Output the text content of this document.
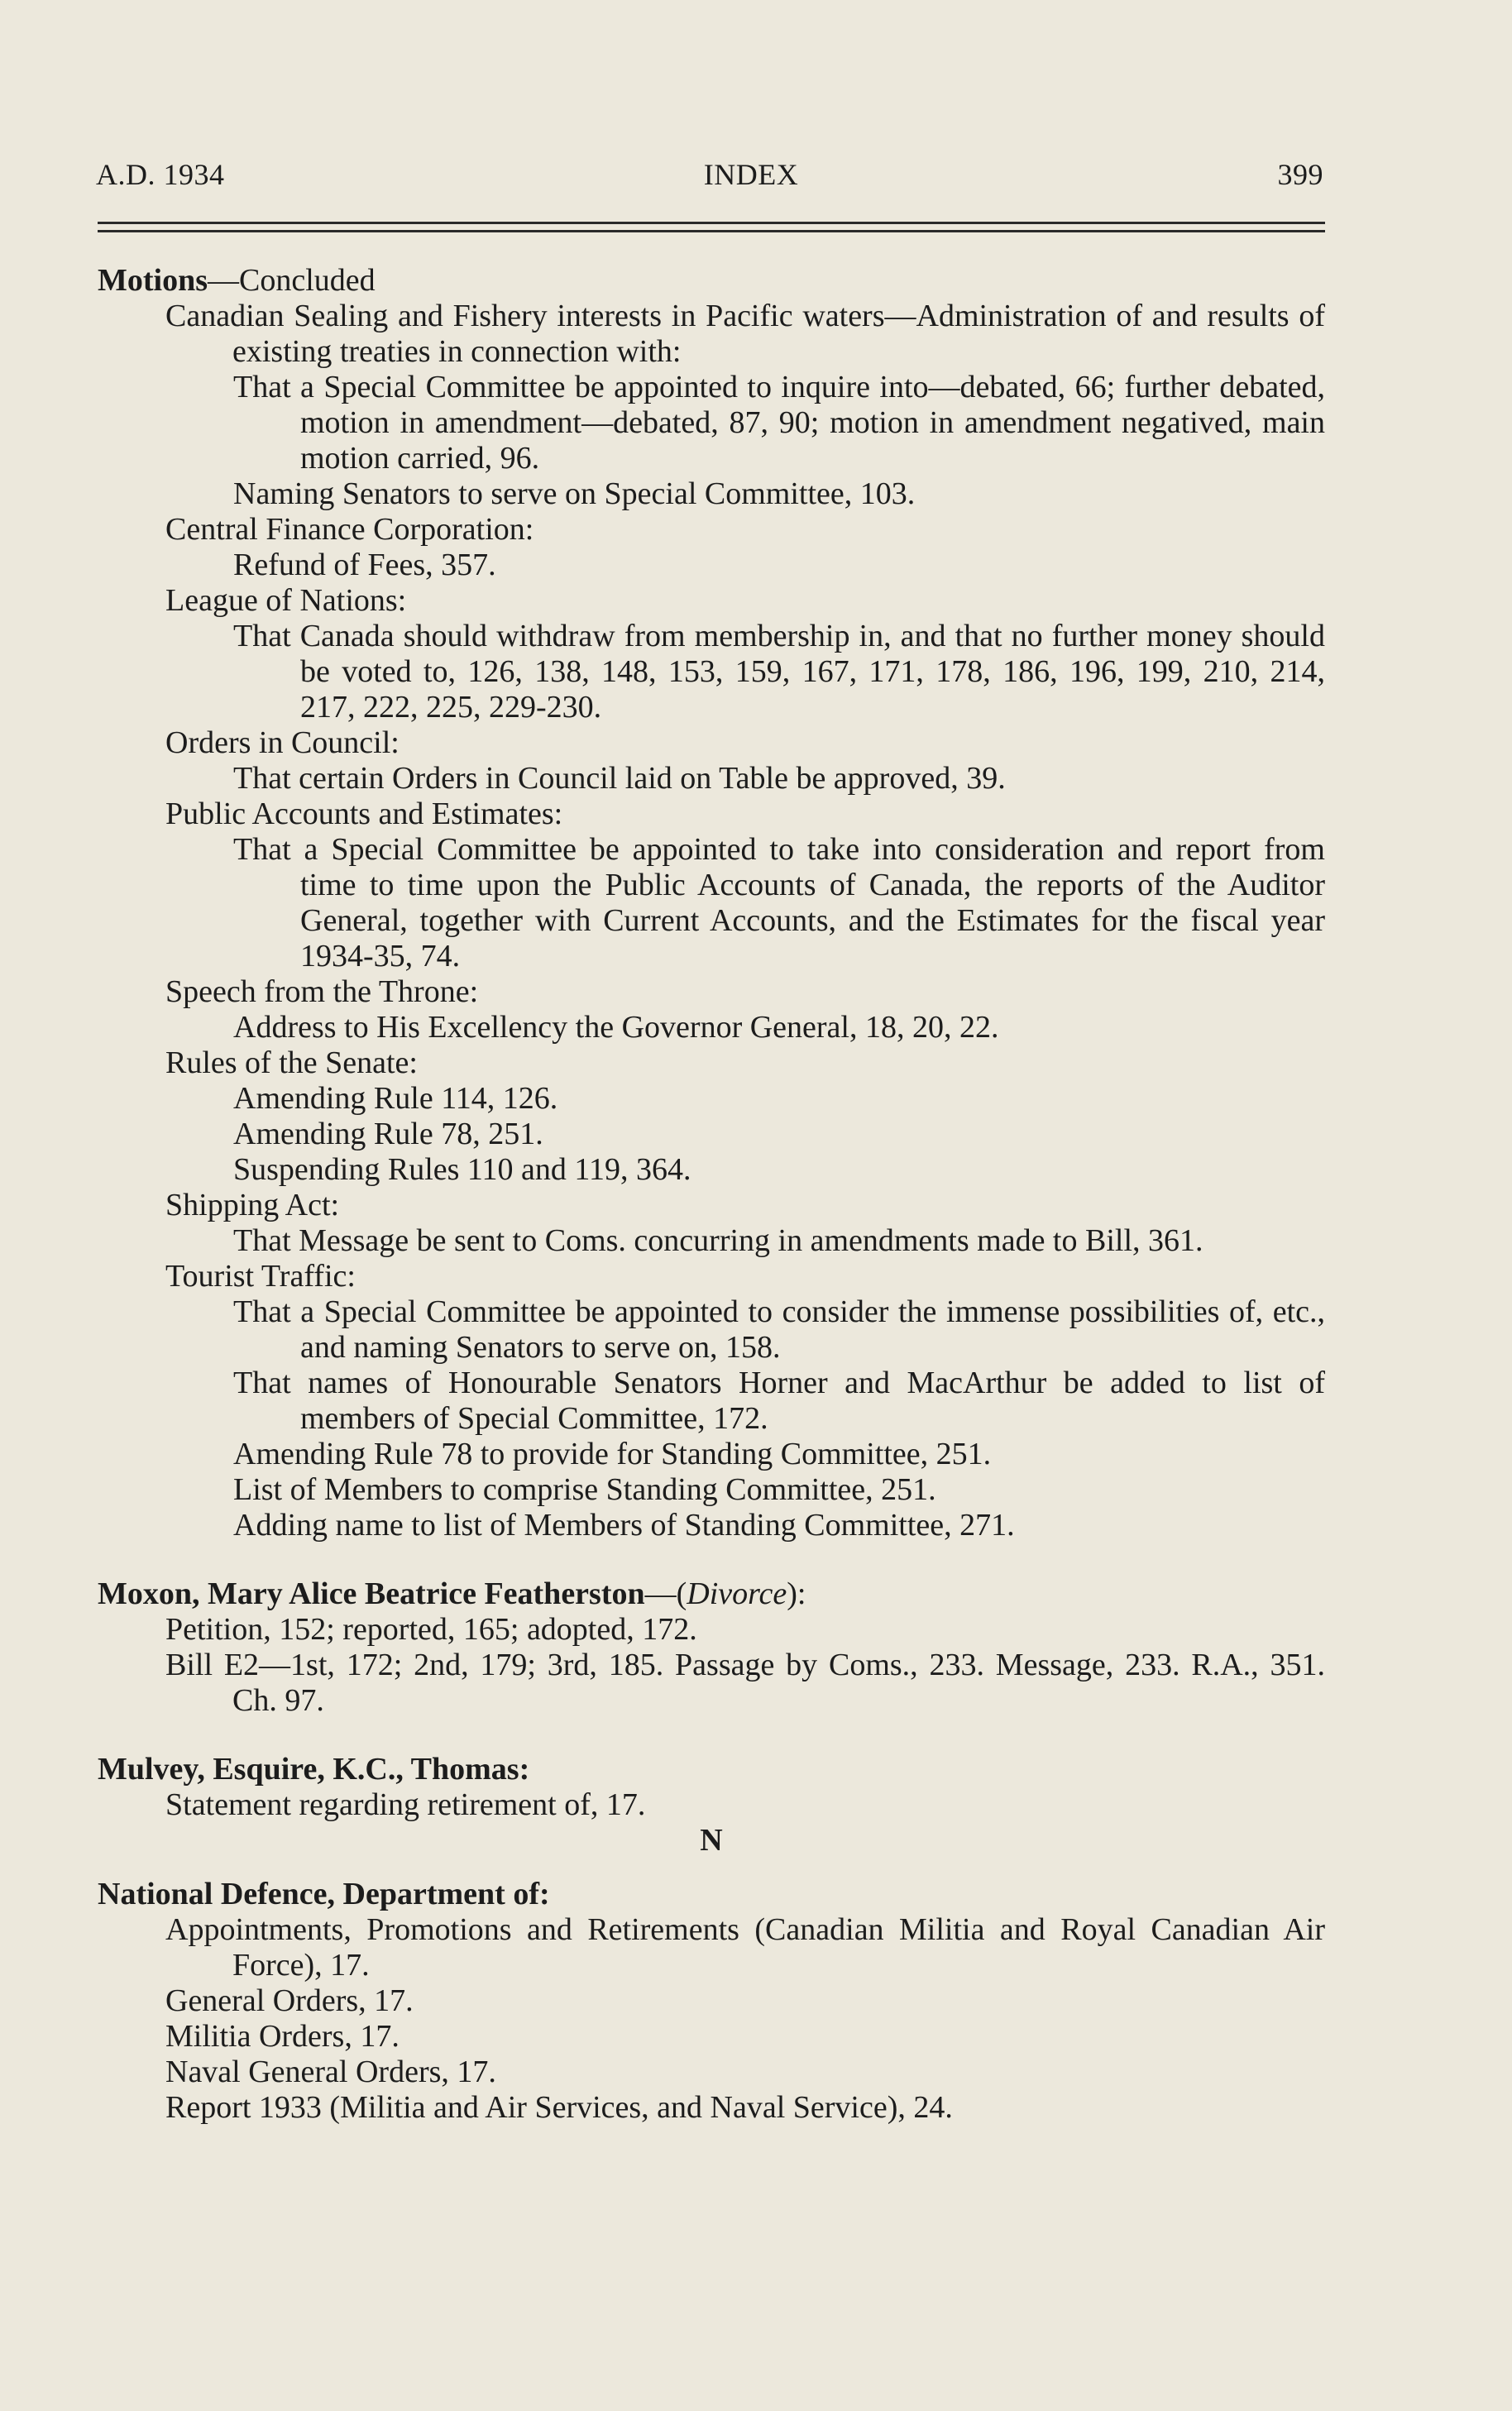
A.D. 1934	INDEX	399

Motions—Concluded

Canadian Sealing and Fishery interests in Pacific waters—Administration of and results of existing treaties in connection with:

That a Special Committee be appointed to inquire into—debated, 66; further debated, motion in amendment—debated, 87, 90; motion in amendment negatived, main motion carried, 96.

Naming Senators to serve on Special Committee, 103.

Central Finance Corporation:

Refund of Fees, 357.

League of Nations:

That Canada should withdraw from membership in, and that no further money should be voted to, 126, 138, 148, 153, 159, 167, 171, 178, 186, 196, 199, 210, 214, 217, 222, 225, 229-230.

Orders in Council:

That certain Orders in Council laid on Table be approved, 39.

Public Accounts and Estimates:

That a Special Committee be appointed to take into consideration and report from time to time upon the Public Accounts of Canada, the reports of the Auditor General, together with Current Accounts, and the Estimates for the fiscal year 1934-35, 74.

Speech from the Throne:

Address to His Excellency the Governor General, 18, 20, 22.

Rules of the Senate:

Amending Rule 114, 126.

Amending Rule 78, 251.

Suspending Rules 110 and 119, 364.

Shipping Act:

That Message be sent to Coms. concurring in amendments made to Bill, 361.

Tourist Traffic:

That a Special Committee be appointed to consider the immense possibilities of, etc., and naming Senators to serve on, 158.

That names of Honourable Senators Horner and MacArthur be added to list of members of Special Committee, 172.

Amending Rule 78 to provide for Standing Committee, 251.

List of Members to comprise Standing Committee, 251.

Adding name to list of Members of Standing Committee, 271.

Moxon, Mary Alice Beatrice Featherston—(Divorce):

Petition, 152; reported, 165; adopted, 172.

Bill E2—1st, 172; 2nd, 179; 3rd, 185. Passage by Coms., 233. Message, 233. R.A., 351. Ch. 97.

Mulvey, Esquire, K.C., Thomas:

Statement regarding retirement of, 17.

N

National Defence, Department of:

Appointments, Promotions and Retirements (Canadian Militia and Royal Canadian Air Force), 17.

General Orders, 17.

Militia Orders, 17.

Naval General Orders, 17.

Report 1933 (Militia and Air Services, and Naval Service), 24.
